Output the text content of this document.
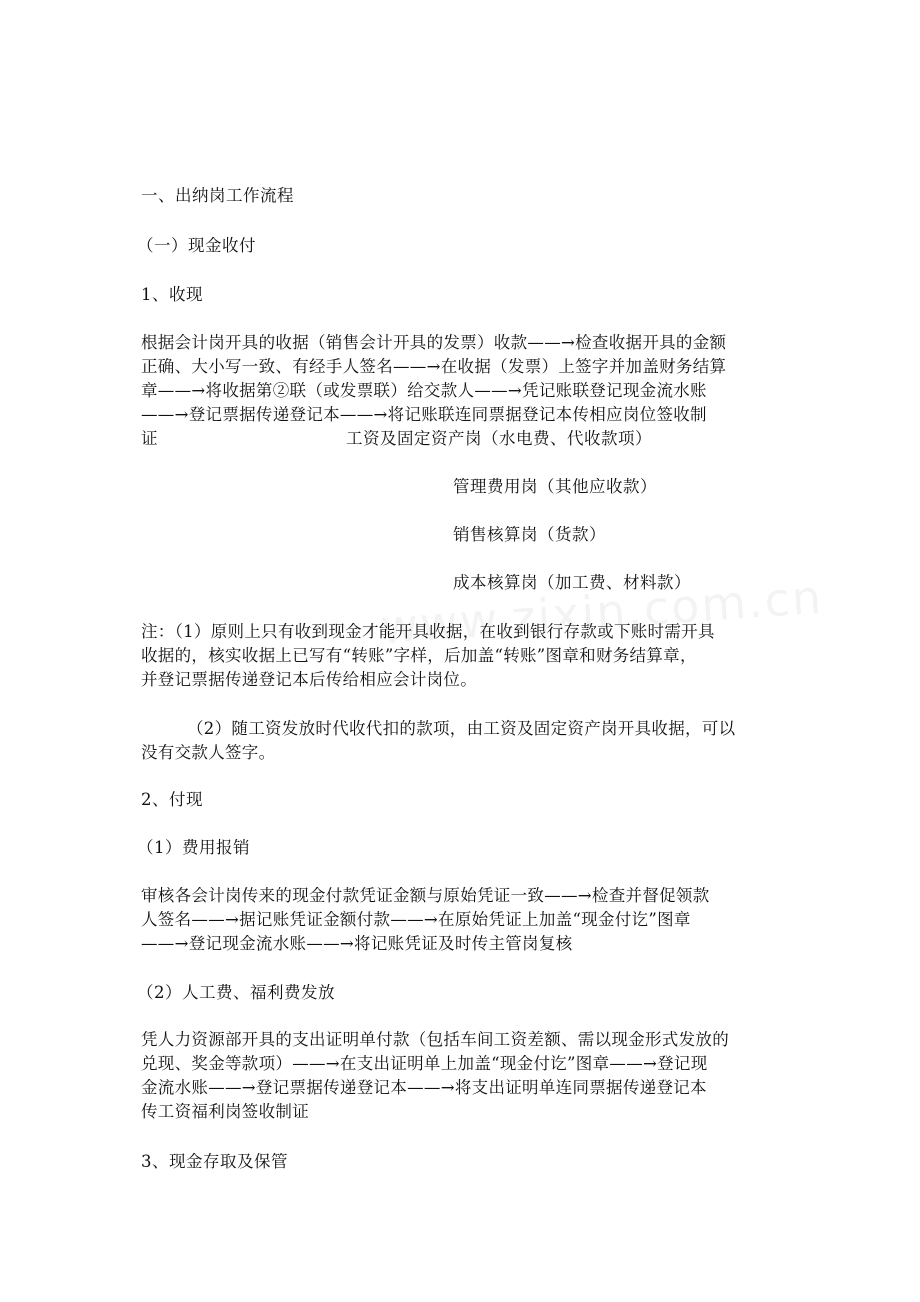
一、出纳岗工作流程
（一）现金收付
1、收现
根据会计岗开具的收据（销售会计开具的发票）收款——→检查收据开具的金额
正确、大小写一致、有经手人签名——→在收据（发票）上签字并加盖财务结算
章——→将收据第②联（或发票联）给交款人——→凭记账联登记现金流水账
——→登记票据传递登记本——→将记账联连同票据登记本传相应岗位签收制
证	工资及固定资产岗（水电费、代收款项）
管理费用岗（其他应收款）
销售核算岗（货款）
成本核算岗（加工费、材料款）
注：（1）原则上只有收到现金才能开具收据，在收到银行存款或下账时需开具
收据的，核实收据上已写有“转账”字样，后加盖“转账”图章和财务结算章，
并登记票据传递登记本后传给相应会计岗位。
（2）随工资发放时代收代扣的款项，由工资及固定资产岗开具收据，可以
没有交款人签字。
2、付现
（1）费用报销
审核各会计岗传来的现金付款凭证金额与原始凭证一致——→检查并督促领款
人签名——→据记账凭证金额付款——→在原始凭证上加盖“现金付讫”图章
——→登记现金流水账——→将记账凭证及时传主管岗复核
（2）人工费、福利费发放
凭人力资源部开具的支出证明单付款（包括车间工资差额、需以现金形式发放的
兑现、奖金等款项）——→在支出证明单上加盖“现金付讫”图章——→登记现
金流水账——→登记票据传递登记本——→将支出证明单连同票据传递登记本
传工资福利岗签收制证
3、现金存取及保管
